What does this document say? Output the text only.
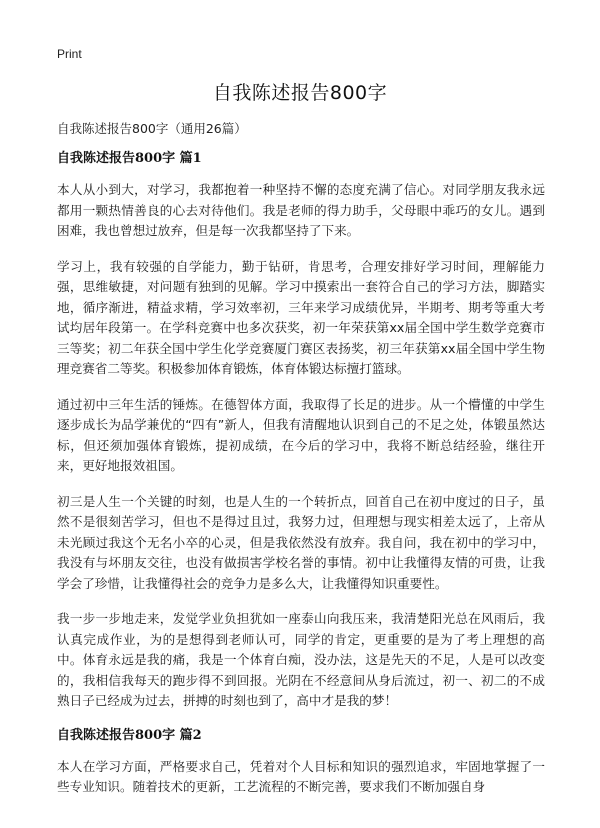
Print
自我陈述报告800字

自我陈述报告800字（通用26篇）

自我陈述报告800字 篇1

本人从小到大，对学习，我都抱着一种坚持不懈的态度充满了信心。对同学朋友我永远都用一颗热情善良的心去对待他们。我是老师的得力助手，父母眼中乖巧的女儿。遇到困难，我也曾想过放弃，但是每一次我都坚持了下来。

学习上，我有较强的自学能力，勤于钻研，肯思考，合理安排好学习时间，理解能力强，思维敏捷，对问题有独到的见解。学习中摸索出一套符合自己的学习方法，脚踏实地，循序渐进，精益求精，学习效率初，三年来学习成绩优异，半期考、期考等重大考试均居年段第一。在学科竞赛中也多次获奖，初一年荣获第xx届全国中学生数学竞赛市三等奖；初二年获全国中学生化学竞赛厦门赛区表扬奖，初三年获第xx届全国中学生物理竞赛省二等奖。积极参加体育锻炼，体育体锻达标擅打篮球。

通过初中三年生活的锤炼。在德智体方面，我取得了长足的进步。从一个懵懂的中学生逐步成长为品学兼优的“四有”新人，但我有清醒地认识到自己的不足之处，体锻虽然达标，但还须加强体育锻炼，提初成绩，在今后的学习中，我将不断总结经验，继往开来，更好地报效祖国。

初三是人生一个关键的时刻，也是人生的一个转折点，回首自己在初中度过的日子，虽然不是很刻苦学习，但也不是得过且过，我努力过，但理想与现实相差太远了，上帝从未光顾过我这个无名小卒的心灵，但是我依然没有放弃。我自问，我在初中的学习中，我没有与坏朋友交往，也没有做损害学校名誉的事情。初中让我懂得友情的可贵，让我学会了珍惜，让我懂得社会的竞争力是多么大，让我懂得知识重要性。

我一步一步地走来，发觉学业负担犹如一座泰山向我压来，我清楚阳光总在风雨后，我认真完成作业，为的是想得到老师认可，同学的肯定，更重要的是为了考上理想的高中。体育永远是我的痛，我是一个体育白痴，没办法，这是先天的不足，人是可以改变的，我相信我每天的跑步得不到回报。光阴在不经意间从身后流过，初一、初二的不成熟日子已经成为过去，拼搏的时刻也到了，高中才是我的梦！

自我陈述报告800字 篇2

本人在学习方面，严格要求自己，凭着对个人目标和知识的强烈追求，牢固地掌握了一些专业知识。随着技术的更新，工艺流程的不断完善，要求我们不断加强自身
